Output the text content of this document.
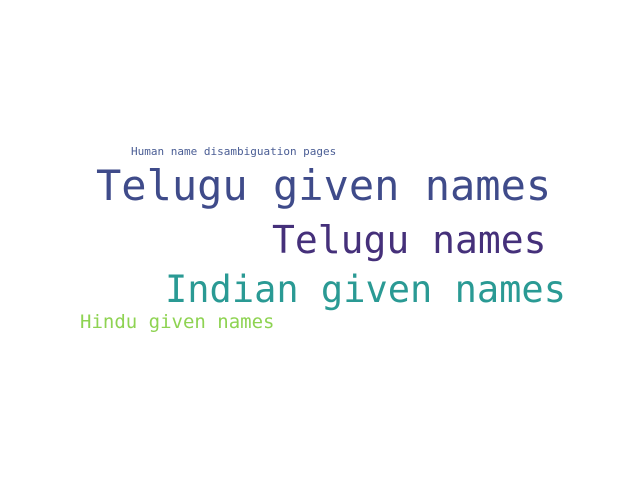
Human name disambiguation pages
Telugu given names
Telugu names
Indian given names
Hindu given names
